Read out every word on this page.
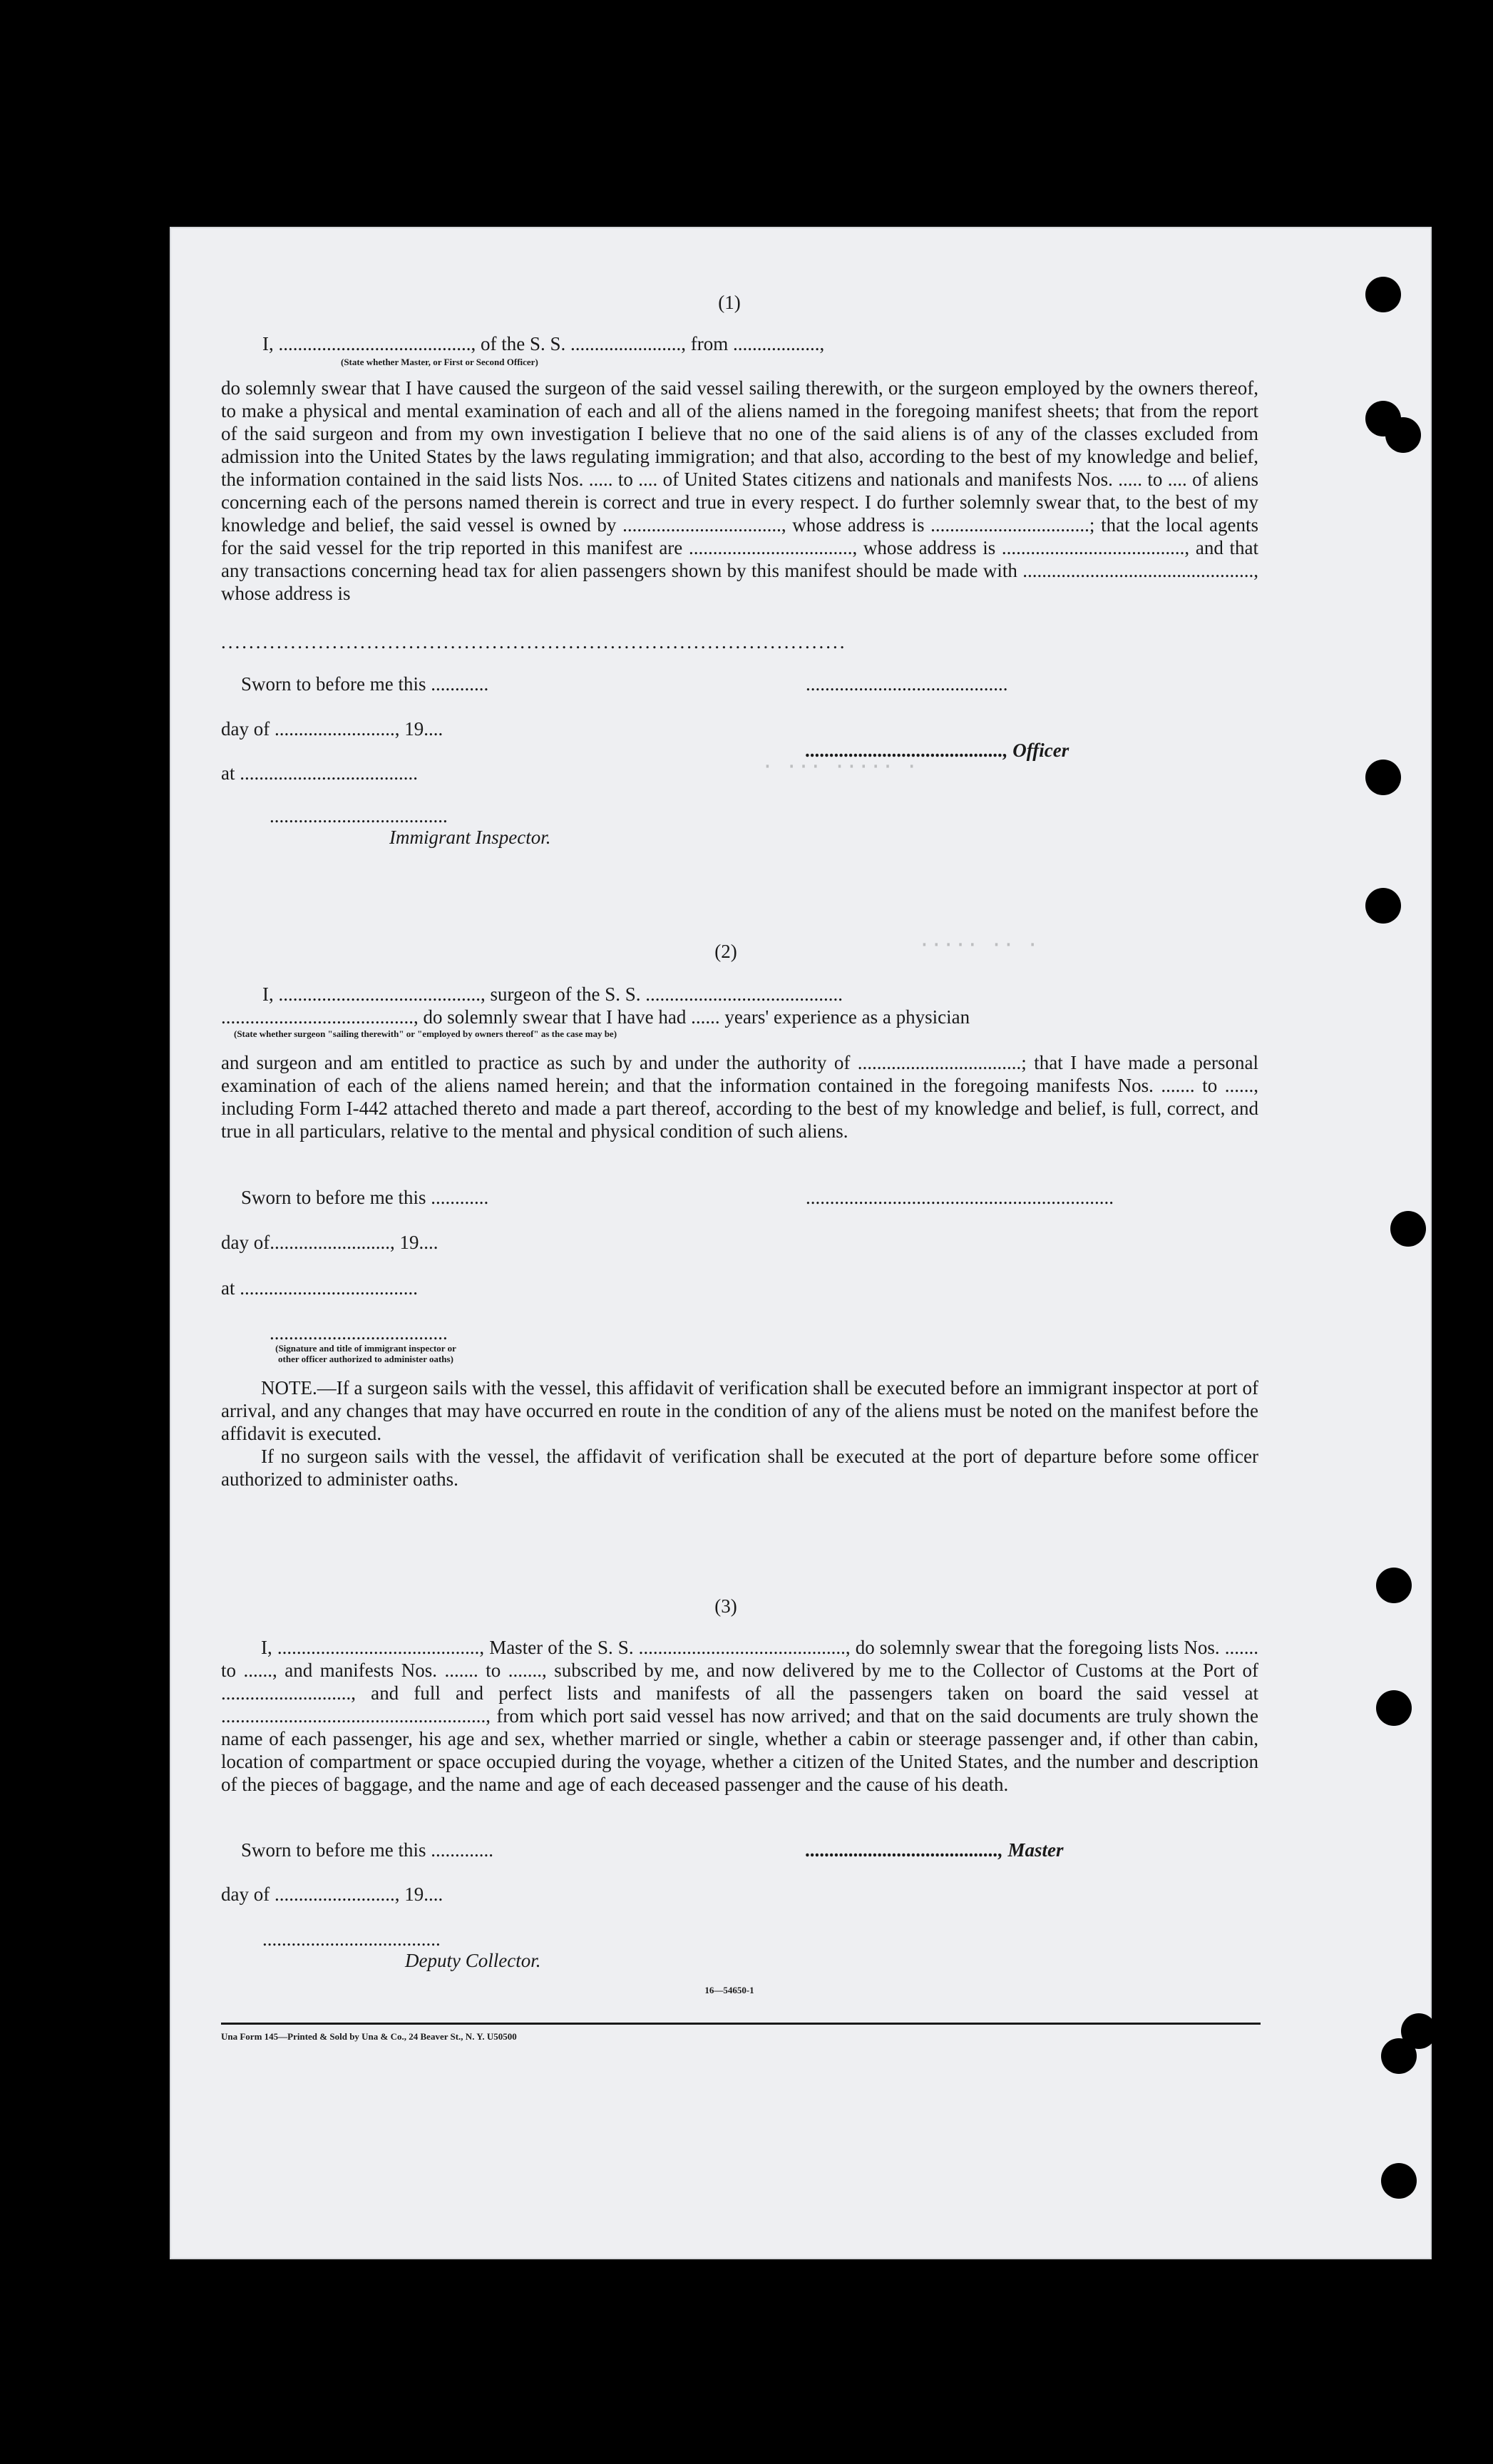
· ··· ····· ·
····· ·· ·
(1)
I, ........................................, of the S. S. ......................., from ..................,
(State whether Master, or First or Second Officer)

do solemnly swear that I have caused the surgeon of the said vessel sailing therewith, or the surgeon employed by the owners thereof, to make a physical and mental examination of each and all of the aliens named in the foregoing manifest sheets; that from the report of the said surgeon and from my own investigation I believe that no one of the said aliens is of any of the classes excluded from admission into the United States by the laws regulating immigration; and that also, according to the best of my knowledge and belief, the information contained in the said lists Nos. ..... to .... of United States citizens and nationals and manifests Nos. ..... to .... of aliens concerning each of the persons named therein is correct and true in every respect. I do further solemnly swear that, to the best of my knowledge and belief, the said vessel is owned by ................................., whose address is .................................; that the local agents for the said vessel for the trip reported in this manifest are .................................., whose address is ......................................, and that any transactions concerning head tax for alien passengers shown by this manifest should be made with ................................................, whose address is

..........................................................................................
Sworn to before me this ............	..........................................
day of ........................., 19....
........................................., Officer
at .....................................
.....................................
Immigrant Inspector.
(2)
I, .........................................., surgeon of the S. S. .........................................
........................................, do solemnly swear that I have had ...... years' experience as a physician
(State whether surgeon "sailing therewith" or "employed by owners thereof" as the case may be)

and surgeon and am entitled to practice as such by and under the authority of ..................................; that I have made a personal examination of each of the aliens named herein; and that the information contained in the foregoing manifests Nos. ....... to ......, including Form I-442 attached thereto and made a part thereof, according to the best of my knowledge and belief, is full, correct, and true in all particulars, relative to the mental and physical condition of such aliens.

Sworn to before me this ............	................................................................
day of........................., 19....
at .....................................
.....................................
(Signature and title of immigrant inspector or other officer authorized to administer oaths)

NOTE.—If a surgeon sails with the vessel, this affidavit of verification shall be executed before an immigrant inspector at port of arrival, and any changes that may have occurred en route in the condition of any of the aliens must be noted on the manifest before the affidavit is executed.

If no surgeon sails with the vessel, the affidavit of verification shall be executed at the port of departure before some officer authorized to administer oaths.

(3)

I, .........................................., Master of the S. S. ..........................................., do solemnly swear that the foregoing lists Nos. ....... to ......, and manifests Nos. ....... to ......., subscribed by me, and now delivered by me to the Collector of Customs at the Port of ..........................., and full and perfect lists and manifests of all the passengers taken on board the said vessel at ......................................................., from which port said vessel has now arrived; and that on the said documents are truly shown the name of each passenger, his age and sex, whether married or single, whether a cabin or steerage passenger and, if other than cabin, location of compartment or space occupied during the voyage, whether a citizen of the United States, and the number and description of the pieces of baggage, and the name and age of each deceased passenger and the cause of his death.

Sworn to before me this .............	........................................, Master
day of ........................., 19....
.....................................
Deputy Collector.
16—54650-1
Una Form 145—Printed & Sold by Una & Co., 24 Beaver St., N. Y. U50500
